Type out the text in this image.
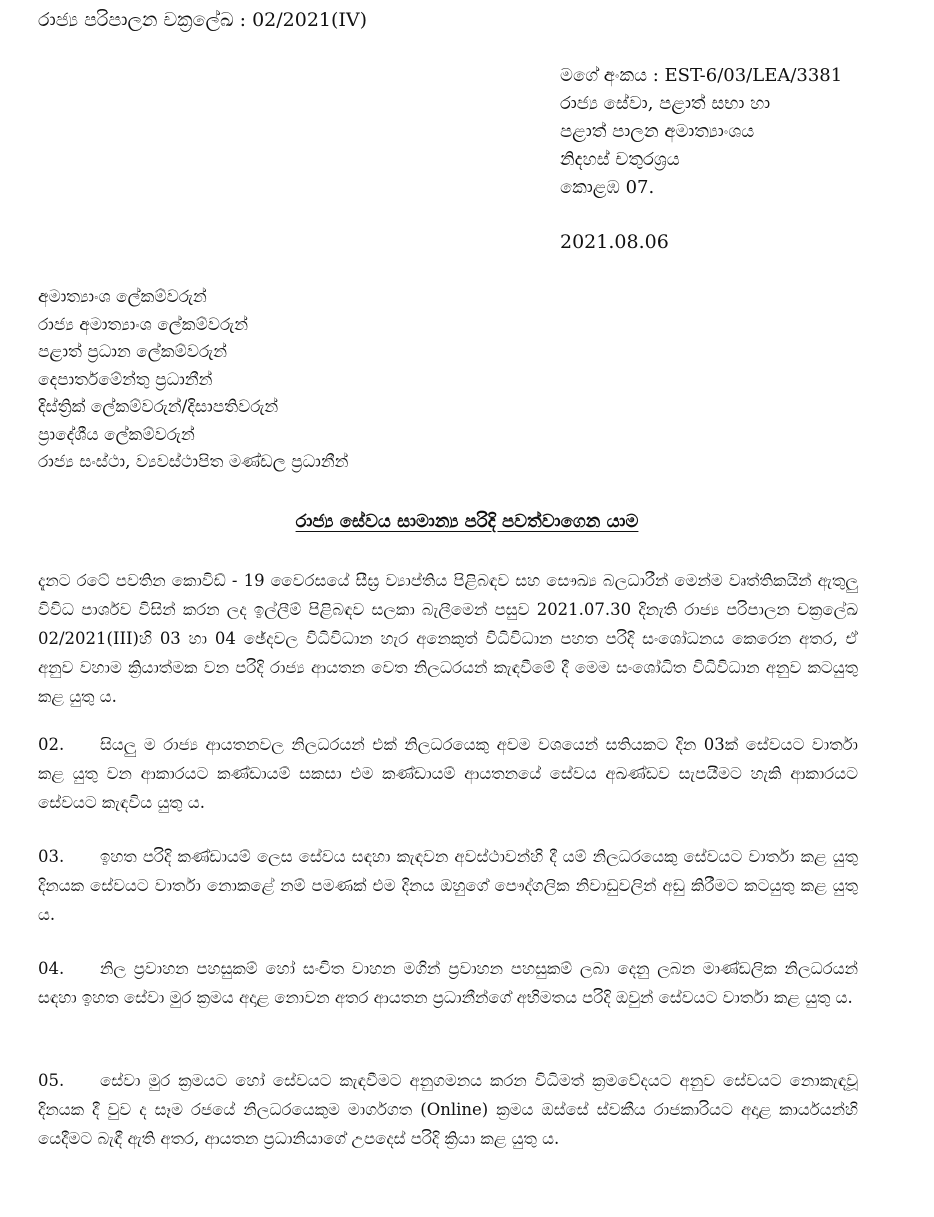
රාජ්‍ය පරිපාලන චක්‍රලේඛ : 02/2021(IV)
මගේ අංකය : EST-6/03/LEA/3381
රාජ්‍ය සේවා, පළාත් සභා හා
පළාත් පාලන අමාත්‍යාංශය
නිදහස් චතුරශ්‍රය
කොළඹ 07.
2021.08.06
අමාත්‍යාංශ ලේකම්වරුන්
රාජ්‍ය අමාත්‍යාංශ ලේකම්වරුන්
පළාත් ප්‍රධාන ලේකම්වරුන්
දෙපාර්තමේන්තු ප්‍රධානීන්
දිස්ත්‍රික් ලේකම්වරුන්/දිසාපතිවරුන්
ප්‍රාදේශීය ලේකම්වරුන්
රාජ්‍ය සංස්ථා, ව්‍යවස්ථාපිත මණ්ඩල ප්‍රධානීන්
රාජ්‍ය සේවය සාමාන්‍ය පරිදි පවත්වාගෙන යාම

දැනට රටේ පවතින කොවිඩ් - 19 වෛරසයේ සීඝ්‍ර ව්‍යාප්තිය පිළිබඳව සහ සෞඛ්‍ය බලධාරීන් මෙන්ම වෘත්තිකයින් ඇතුලු විවිධ පාර්ශව විසින් කරන ලද ඉල්ලීම් පිළිබඳව සලකා බැලීමෙන් පසුව 2021.07.30 දිනැති රාජ්‍ය පරිපාලන චක්‍රලේඛ 02/2021(III)හි 03 හා 04 ඡේදවල විධිවිධාන හැර අනෙකුත් විධිවිධාන පහත පරිදි සංශෝධනය කෙරෙන අතර, ඒ අනුව වහාම ක්‍රියාත්මක වන පරිදි රාජ්‍ය ආයතන වෙත නිලධරයන් කැඳවීමේ දී මෙම සංශෝධිත විධිවිධාන අනුව කටයුතු කළ යුතු ය.

02. සියලු ම රාජ්‍ය ආයතනවල නිලධරයන් එක් නිලධරයෙකු අවම වශයෙන් සතියකට දින 03ක් සේවයට වාර්තා කළ යුතු වන ආකාරයට කණ්ඩායම් සකසා එම කණ්ඩායම් ආයතනයේ සේවය අඛණ්ඩව සැපයීමට හැකි ආකාරයට සේවයට කැඳවිය යුතු ය.

03. ඉහත පරිදි කණ්ඩායම් ලෙස සේවය සඳහා කැඳවන අවස්ථාවන්හි දී යම් නිලධරයෙකු සේවයට වාර්තා කළ යුතු දිනයක සේවයට වාර්තා නොකළේ නම් පමණක් එම දිනය ඔහුගේ පෞද්ගලික නිවාඩුවලින් අඩු කිරීමට කටයුතු කළ යුතු ය.

04. නිල ප්‍රවාහන පහසුකම් හෝ සංචිත වාහන මගින් ප්‍රවාහන පහසුකම් ලබා දෙනු ලබන මාණ්ඩලික නිලධරයන් සඳහා ඉහත සේවා මුර ක්‍රමය අදාළ නොවන අතර ආයතන ප්‍රධානීන්ගේ අභිමතය පරිදි ඔවුන් සේවයට වාර්තා කළ යුතු ය.

05. සේවා මුර ක්‍රමයට හෝ සේවයට කැඳවීමට අනුගමනය කරන විධිමත් ක්‍රමවේදයට අනුව සේවයට නොකැඳවූ දිනයක දී වුව ද සෑම රජයේ නිලධරයෙකුම මාර්ගගත (Online) ක්‍රමය ඔස්සේ ස්වකීය රාජකාරියට අදාළ කාර්යයන්හි යෙදීමට බැඳී ඇති අතර, ආයතන ප්‍රධානියාගේ උපදෙස් පරිදි ක්‍රියා කළ යුතු ය.
